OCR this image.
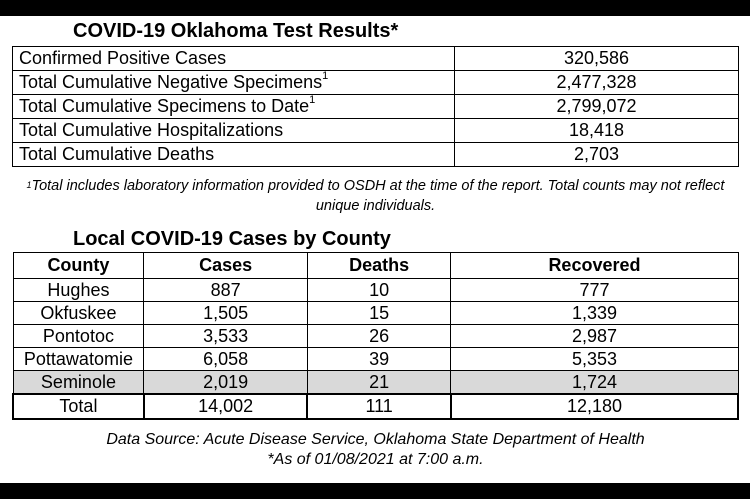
COVID-19 Oklahoma Test Results*
Confirmed Positive Cases	320,586
Total Cumulative Negative Specimens$^1$	2,477,328
Total Cumulative Specimens to Date$^1$	2,799,072
Total Cumulative Hospitalizations	18,418
Total Cumulative Deaths	2,703
$^1$Total includes laboratory information provided to OSDH at the time of the report. Total counts may not reflect unique individuals.
Local COVID-19 Cases by County
County	Cases	Deaths	Recovered
Hughes	887	10	777
Okfuskee	1,505	15	1,339
Pontotoc	3,533	26	2,987
Pottawatomie	6,058	39	5,353
Seminole	2,019	21	1,724
Total	14,002	111	12,180
Data Source: Acute Disease Service, Oklahoma State Department of Health
*As of 01/08/2021 at 7:00 a.m.
